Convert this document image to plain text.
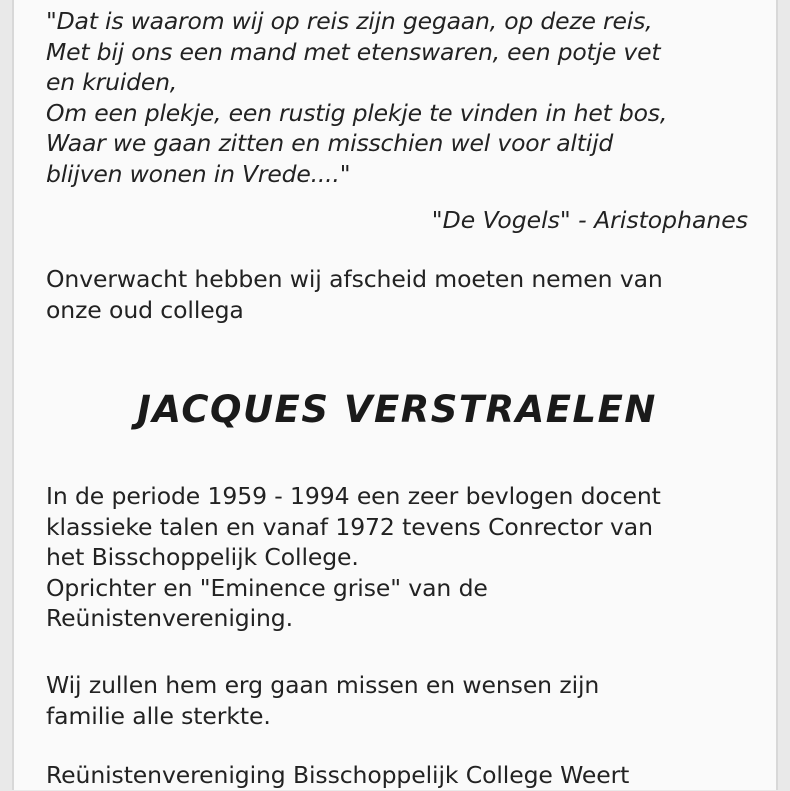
"Dat is waarom wij op reis zijn gegaan, op deze reis,
Met bij ons een mand met etenswaren, een potje vet
en kruiden,
Om een plekje, een rustig plekje te vinden in het bos,
Waar we gaan zitten en misschien wel voor altijd
blijven wonen in Vrede...."
"De Vogels" - Aristophanes
Onverwacht hebben wij afscheid moeten nemen van
onze oud collega
JACQUES VERSTRAELEN
In de periode 1959 - 1994 een zeer bevlogen docent
klassieke talen en vanaf 1972 tevens Conrector van
het Bisschoppelijk College.
Oprichter en "Eminence grise" van de
Reünistenvereniging.
Wij zullen hem erg gaan missen en wensen zijn
familie alle sterkte.
Reünistenvereniging Bisschoppelijk College Weert
